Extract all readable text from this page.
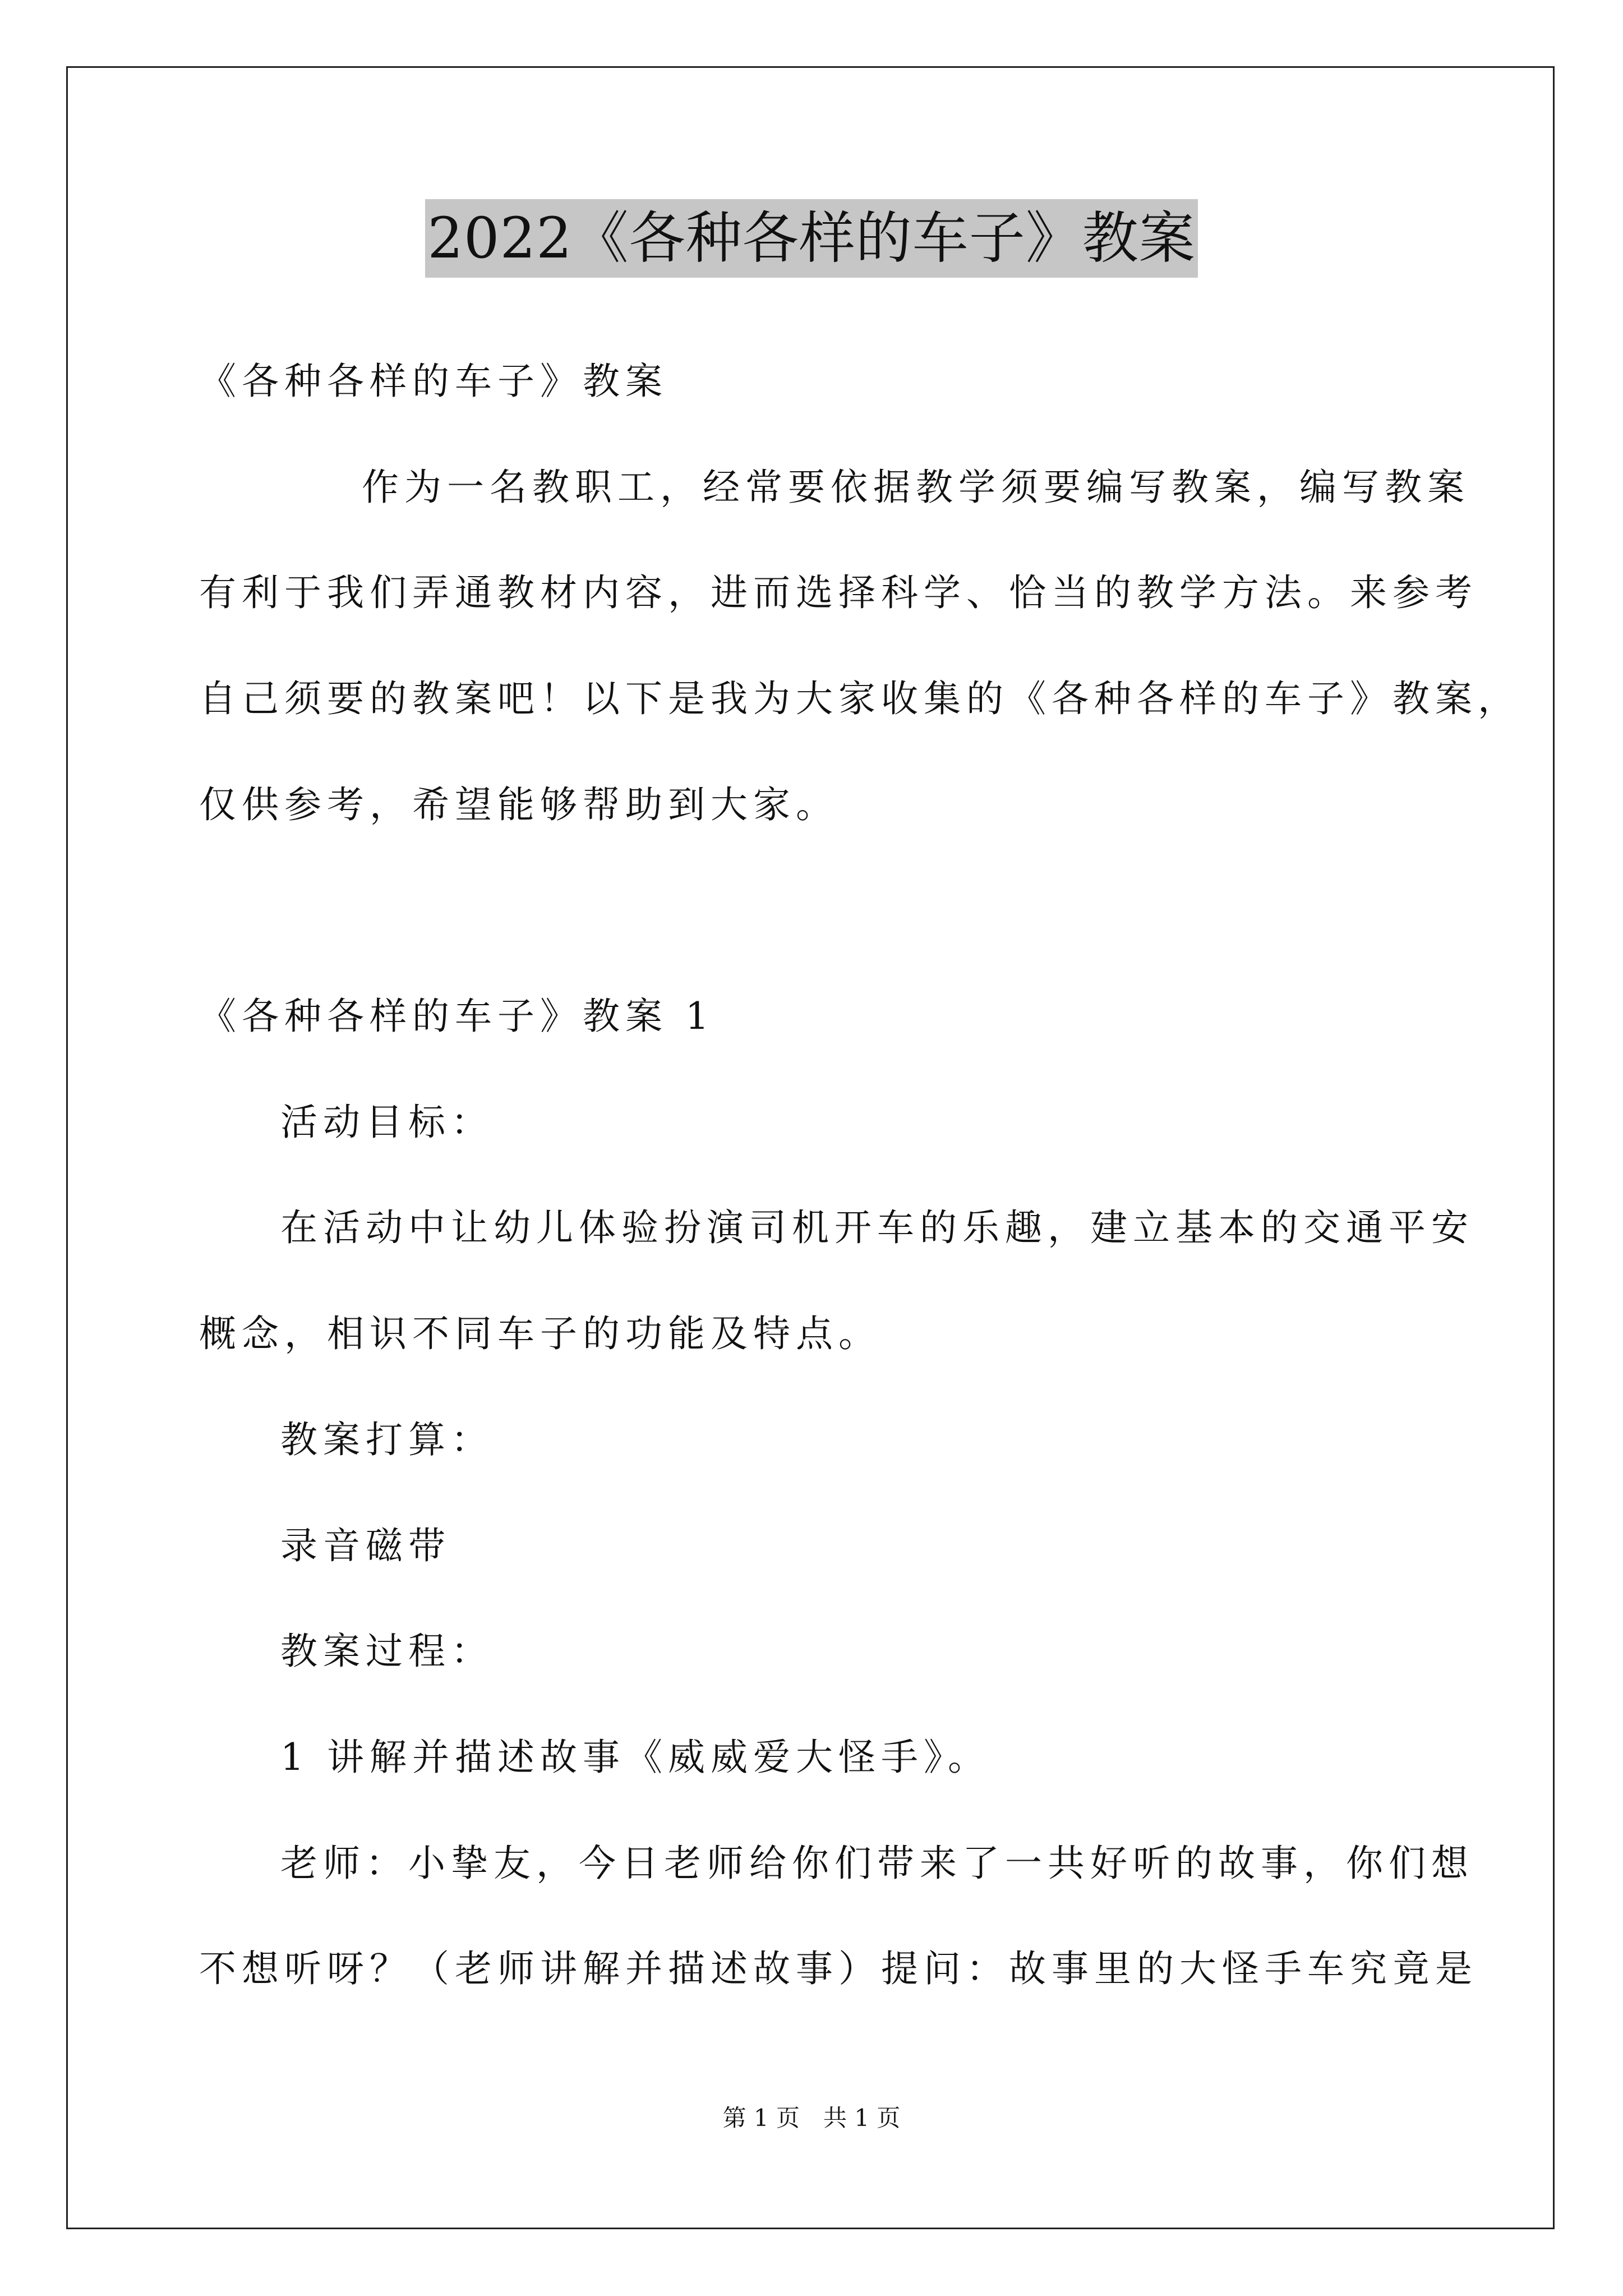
2022《各种各样的车子》教案
《各种各样的车子》教案
作为一名教职工，经常要依据教学须要编写教案，编写教案
有利于我们弄通教材内容，进而选择科学、恰当的教学方法。来参考
自己须要的教案吧！以下是我为大家收集的《各种各样的车子》教案，
仅供参考，希望能够帮助到大家。
《各种各样的车子》教案 1
活动目标：
在活动中让幼儿体验扮演司机开车的乐趣，建立基本的交通平安
概念，相识不同车子的功能及特点。
教案打算：
录音磁带
教案过程：
1 讲解并描述故事《威威爱大怪手》。
老师：小挚友，今日老师给你们带来了一共好听的故事，你们想
不想听呀？（老师讲解并描述故事）提问：故事里的大怪手车究竟是
第 1 页　共 1 页
